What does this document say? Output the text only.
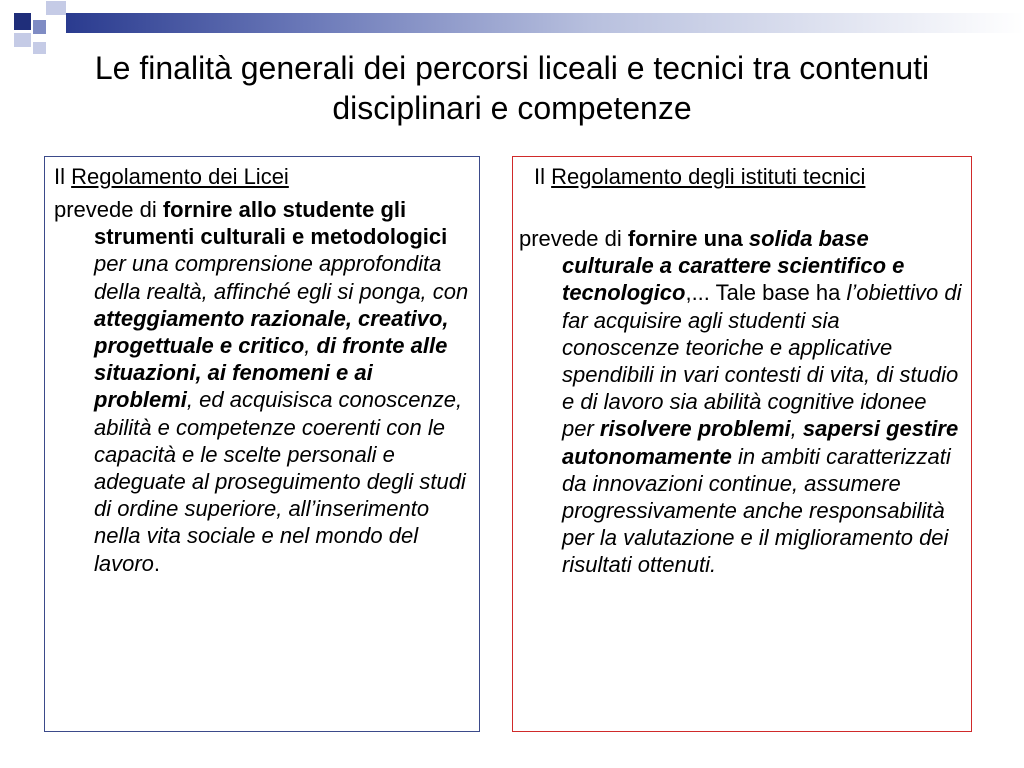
Le finalità generali dei percorsi liceali e tecnici tra contenuti disciplinari e competenze

Il Regolamento dei Licei

prevede di fornire allo studente gli strumenti culturali e metodologici per una comprensione approfondita della realtà, affinché egli si ponga, con atteggiamento razionale, creativo, progettuale e critico, di fronte alle situazioni, ai fenomeni e ai problemi, ed acquisisca conoscenze, abilità e competenze coerenti con le capacità e le scelte personali e adeguate al proseguimento degli studi di ordine superiore, all’inserimento nella vita sociale e nel mondo del lavoro.

Il Regolamento degli istituti tecnici

prevede di fornire una solida base culturale a carattere scientifico e tecnologico,... Tale base ha l’obiettivo di far acquisire agli studenti sia conoscenze teoriche e applicative spendibili in vari contesti di vita, di studio e di lavoro sia abilità cognitive idonee per risolvere problemi, sapersi gestire autonomamente in ambiti caratterizzati da innovazioni continue, assumere progressivamente anche responsabilità per la valutazione e il miglioramento dei risultati ottenuti.
